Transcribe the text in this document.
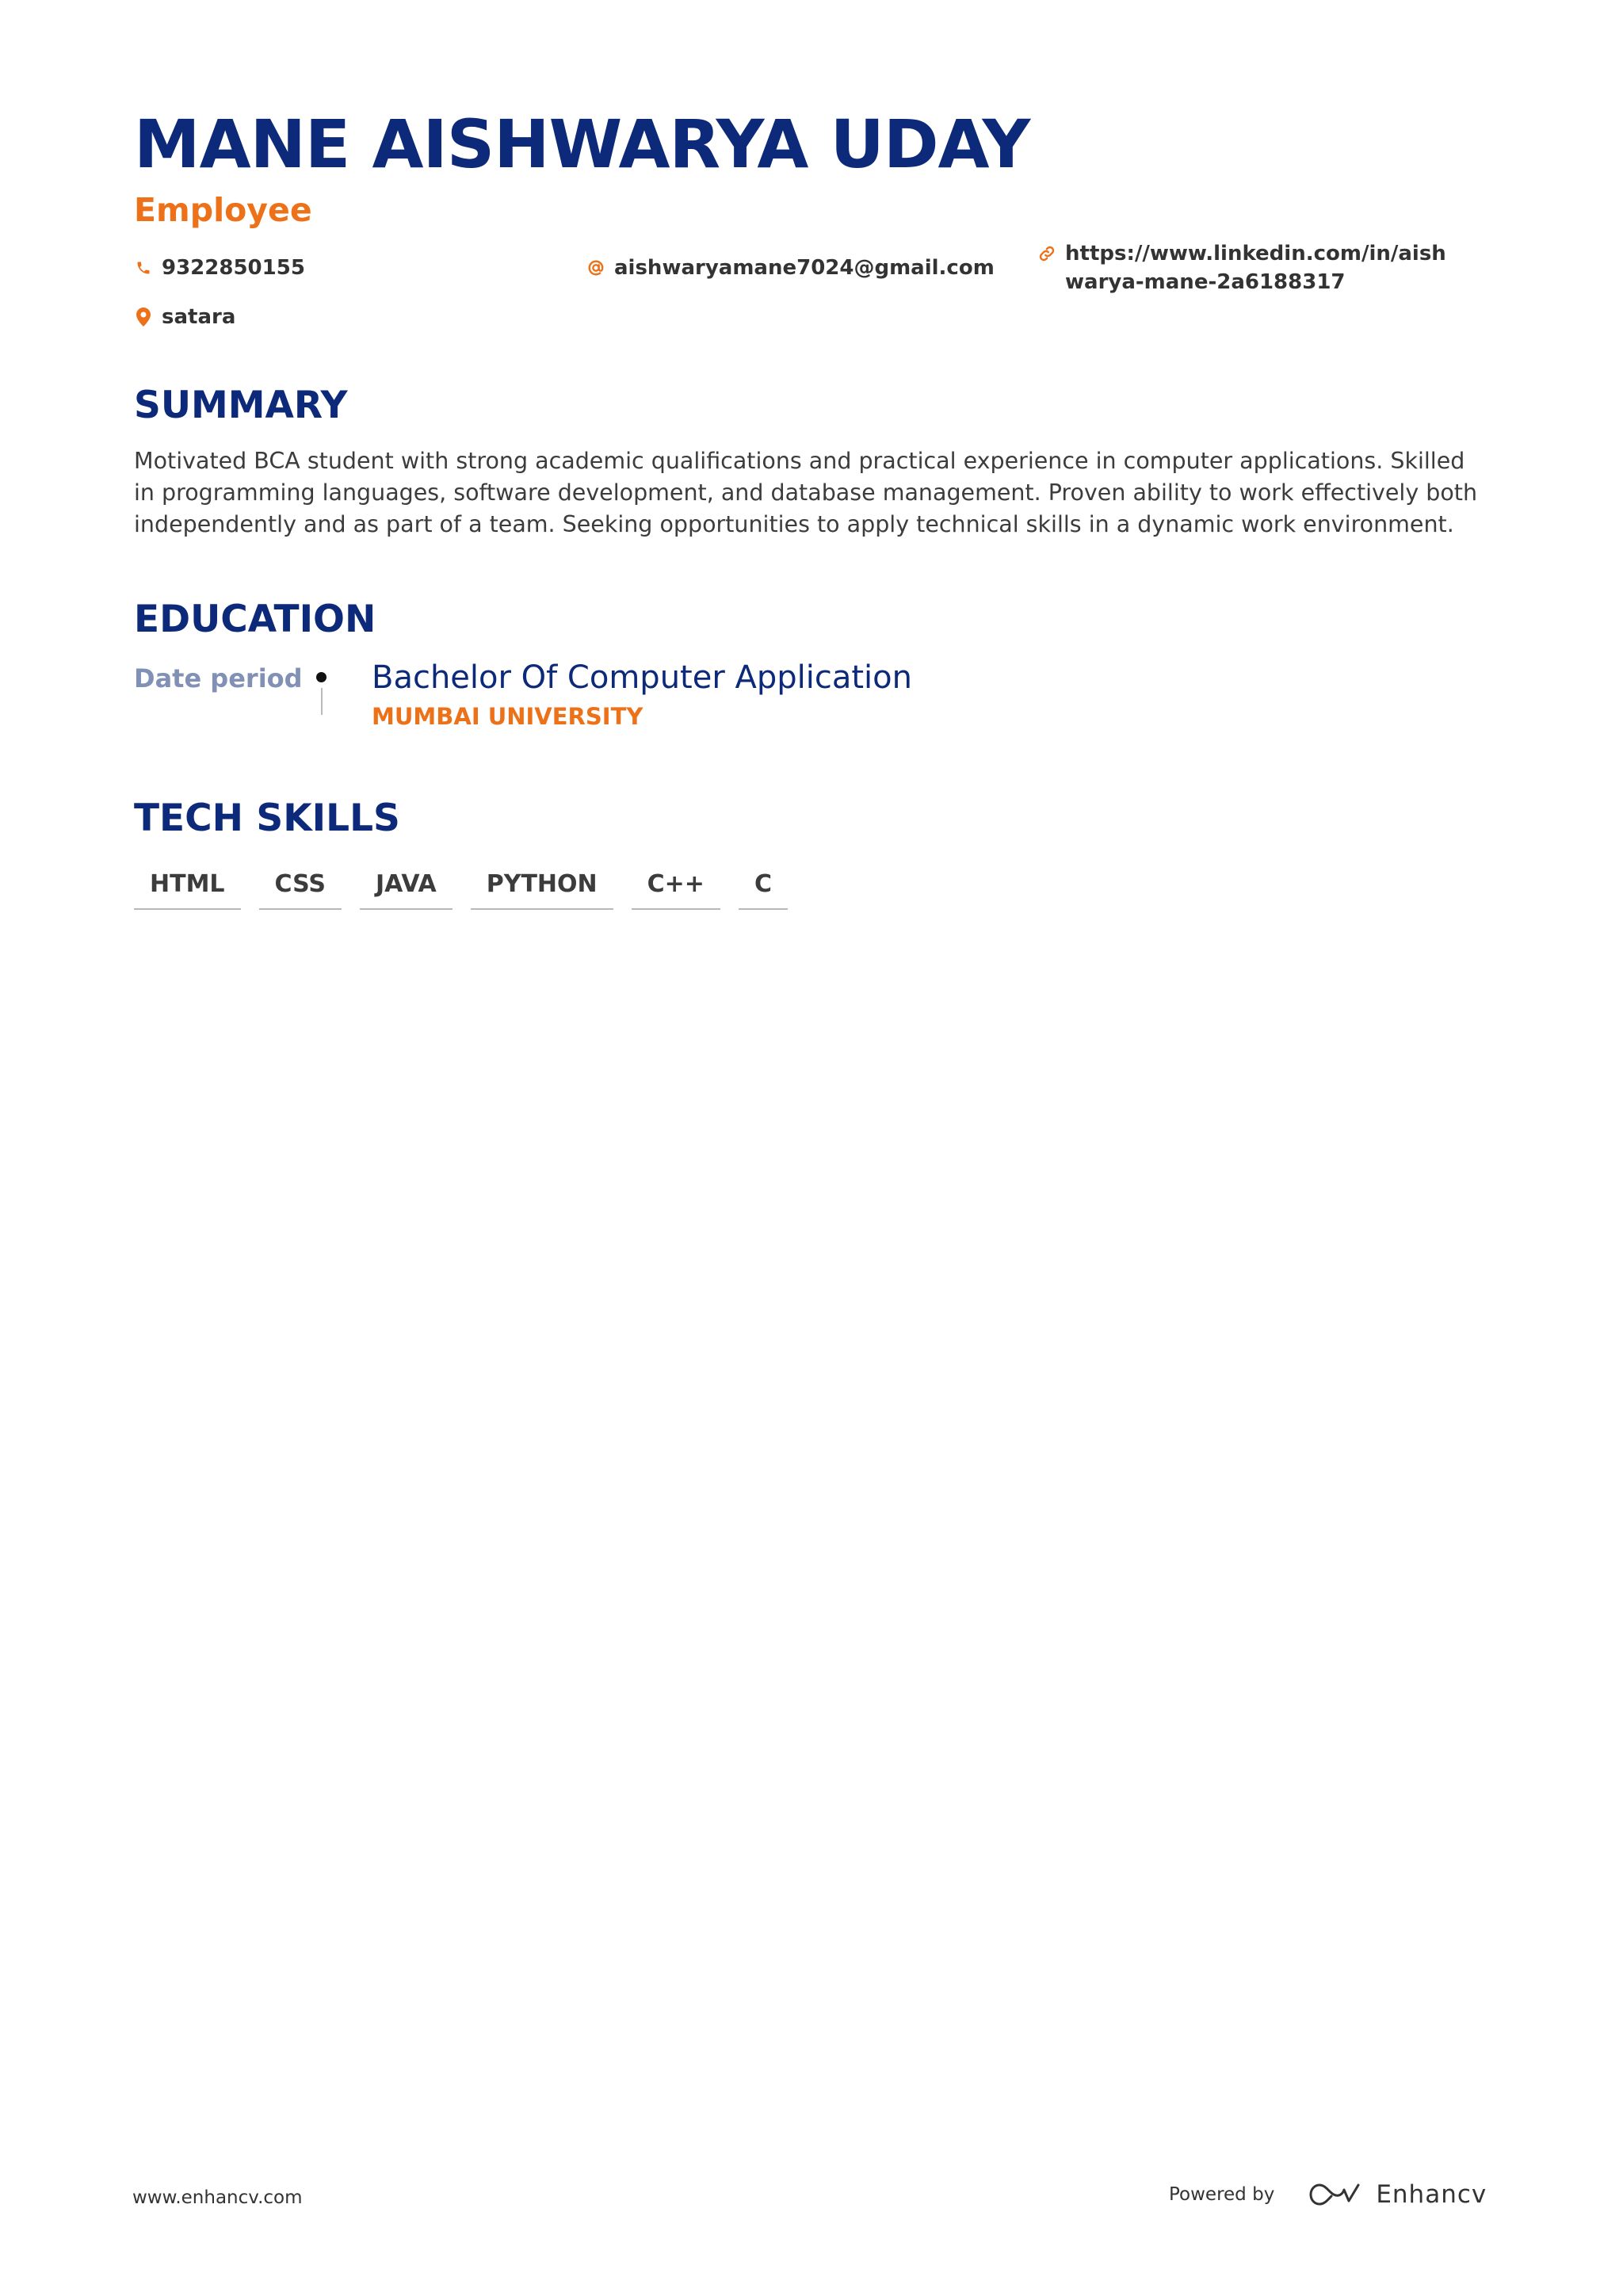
MANE AISHWARYA UDAY
Employee
9322850155	aishwaryamane7024@gmail.com
https://www.linkedin.com/in/aishwarya-mane-2a6188317
satara
SUMMARY
Motivated BCA student with strong academic qualifications and practical experience in computer applications. Skilled in programming languages, software development, and database management. Proven ability to work effectively both independently and as part of a team. Seeking opportunities to apply technical skills in a dynamic work environment.
EDUCATION
Date period Bachelor Of Computer Application
MUMBAI UNIVERSITY
TECH SKILLS
HTML	CSS	JAVA	PYTHON	C++	C
www.enhancv.com	Powered by	Enhancv
